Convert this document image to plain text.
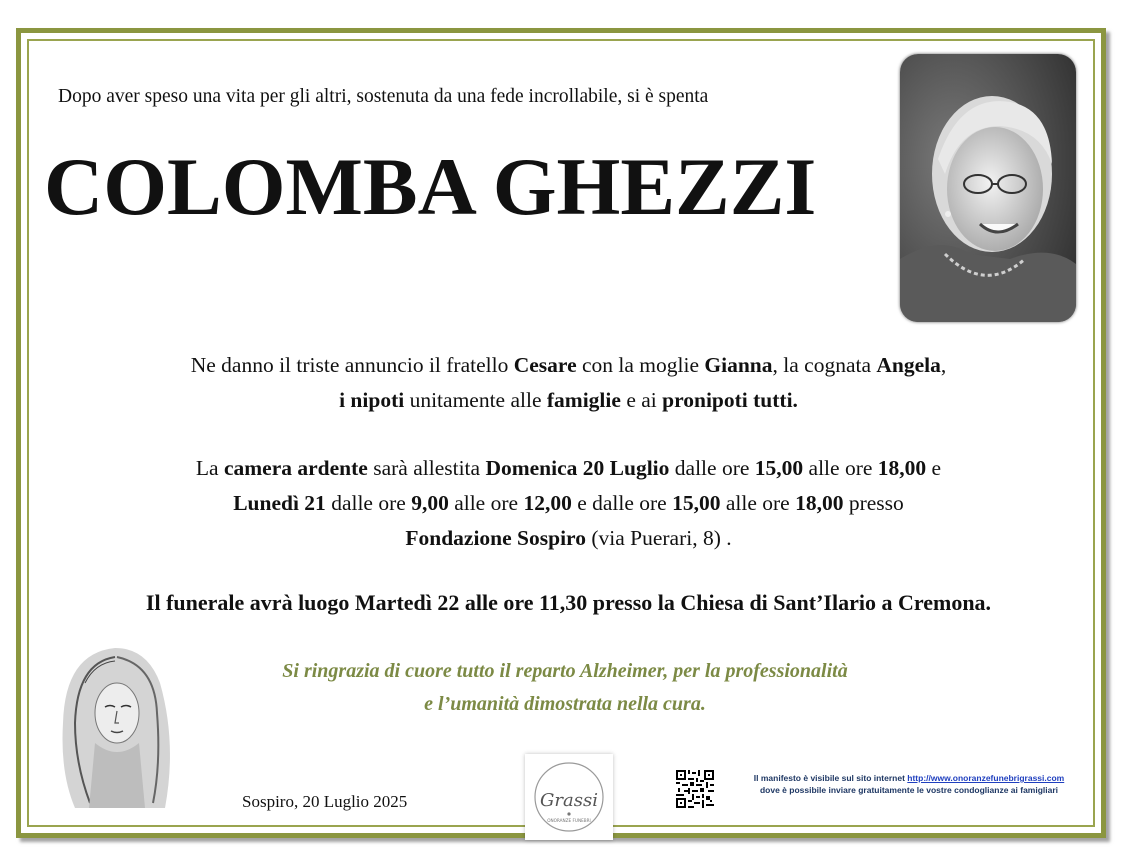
Dopo aver speso una vita per gli altri, sostenuta da una fede incrollabile, si è spenta
COLOMBA GHEZZI
Ne danno il triste annuncio il fratello Cesare con la moglie Gianna, la cognata Angela,
i nipoti unitamente alle famiglie e ai pronipoti tutti.
La camera ardente sarà allestita Domenica 20 Luglio dalle ore 15,00 alle ore 18,00 e
Lunedì 21 dalle ore 9,00 alle ore 12,00 e dalle ore 15,00 alle ore 18,00 presso
Fondazione Sospiro (via Puerari, 8) .
Il funerale avrà luogo Martedì 22 alle ore 11,30 presso la Chiesa di Sant’Ilario a Cremona.
Si ringrazia di cuore tutto il reparto Alzheimer, per la professionalità
e l’umanità dimostrata nella cura.
Sospiro, 20 Luglio 2025	Grassi
ONORANZE FUNEBRI
Il manifesto è visibile sul sito internet http://www.onoranzefunebrigrassi.com
dove è possibile inviare gratuitamente le vostre condoglianze ai famigliari
